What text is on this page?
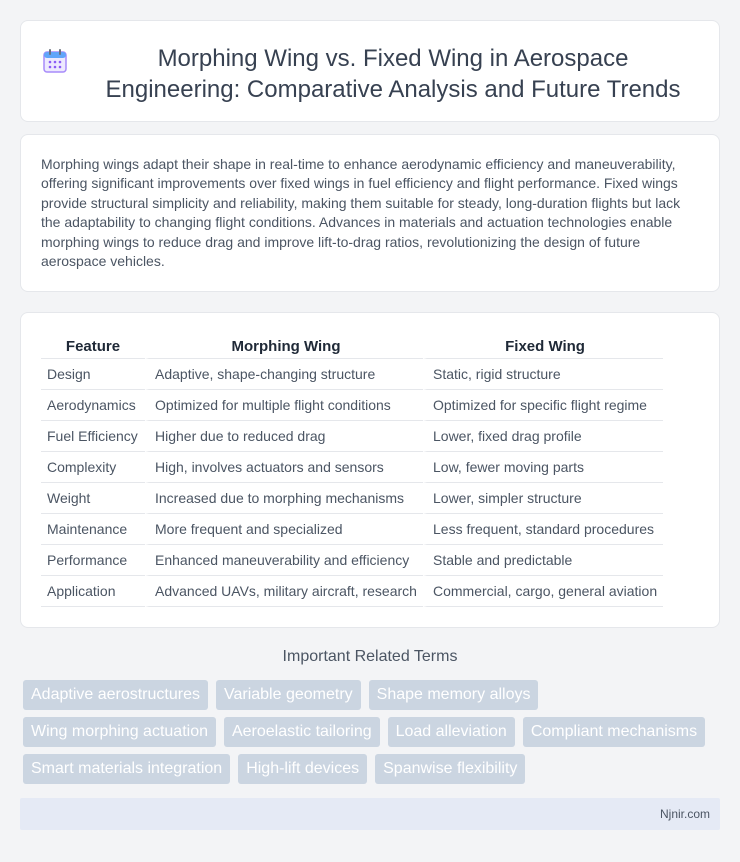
Morphing Wing vs. Fixed Wing in Aerospace Engineering: Comparative Analysis and Future Trends

Morphing wings adapt their shape in real-time to enhance aerodynamic efficiency and maneuverability, offering significant improvements over fixed wings in fuel efficiency and flight performance. Fixed wings provide structural simplicity and reliability, making them suitable for steady, long-duration flights but lack the adaptability to changing flight conditions. Advances in materials and actuation technologies enable morphing wings to reduce drag and improve lift-to-drag ratios, revolutionizing the design of future aerospace vehicles.

Feature	Morphing Wing	Fixed Wing
Design	Adaptive, shape-changing structure	Static, rigid structure
Aerodynamics	Optimized for multiple flight conditions	Optimized for specific flight regime
Fuel Efficiency	Higher due to reduced drag	Lower, fixed drag profile
Complexity	High, involves actuators and sensors	Low, fewer moving parts
Weight	Increased due to morphing mechanisms	Lower, simpler structure
Maintenance	More frequent and specialized	Less frequent, standard procedures
Performance	Enhanced maneuverability and efficiency	Stable and predictable
Application	Advanced UAVs, military aircraft, research	Commercial, cargo, general aviation
Important Related Terms
Adaptive aerostructures	Variable geometry	Shape memory alloys
Wing morphing actuation	Aeroelastic tailoring	Load alleviation	Compliant mechanisms
Smart materials integration	High-lift devices	Spanwise flexibility
Njnir.com
